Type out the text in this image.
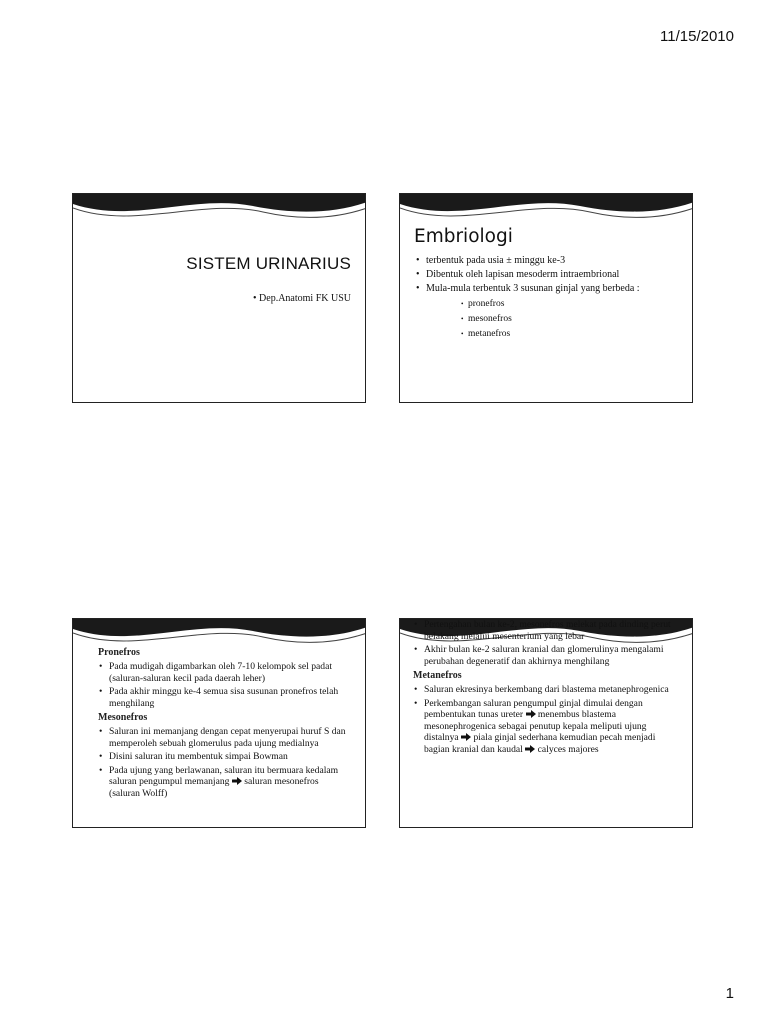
11/15/2010
SISTEM URINARIUS
• Dep.Anatomi FK USU
Embriologi
• terbentuk pada usia ± minggu ke-3
• Dibentuk oleh lapisan mesoderm intraembrional
• Mula-mula terbentuk 3 susunan ginjal yang berbeda :
• pronefros
• mesonefros
• metanefros
Pronefros
• Pada mudigah digambarkan oleh 7-10 kelompok sel padat (saluran-saluran kecil pada daerah leher)
• Pada akhir minggu ke-4 semua sisa susunan pronefros telah menghilang
Mesonefros
• Saluran ini memanjang dengan cepat menyerupai huruf S dan memperoleh sebuah glomerulus pada ujung medialnya
• Disini saluran itu membentuk simpai Bowman
• Pada ujung yang berlawanan, saluran itu bermuara kedalam saluran pengumpul memanjang saluran mesonefros (saluran Wolff)
• Pertengahan bulan ke-2, mesonefros melekat pada dinding perut belakang melalui mesenterium yang lebar
• Akhir bulan ke-2 saluran kranial dan glomerulinya mengalami perubahan degeneratif dan akhirnya menghilang
Metanefros
• Saluran ekresinya berkembang dari blastema metanephrogenica
• Perkembangan saluran pengumpul ginjal dimulai dengan pembentukan tunas ureter menembus blastema mesonephrogenica sebagai penutup kepala meliputi ujung distalnya piala ginjal sederhana kemudian pecah menjadi bagian kranial dan kaudal calyces majores
1
